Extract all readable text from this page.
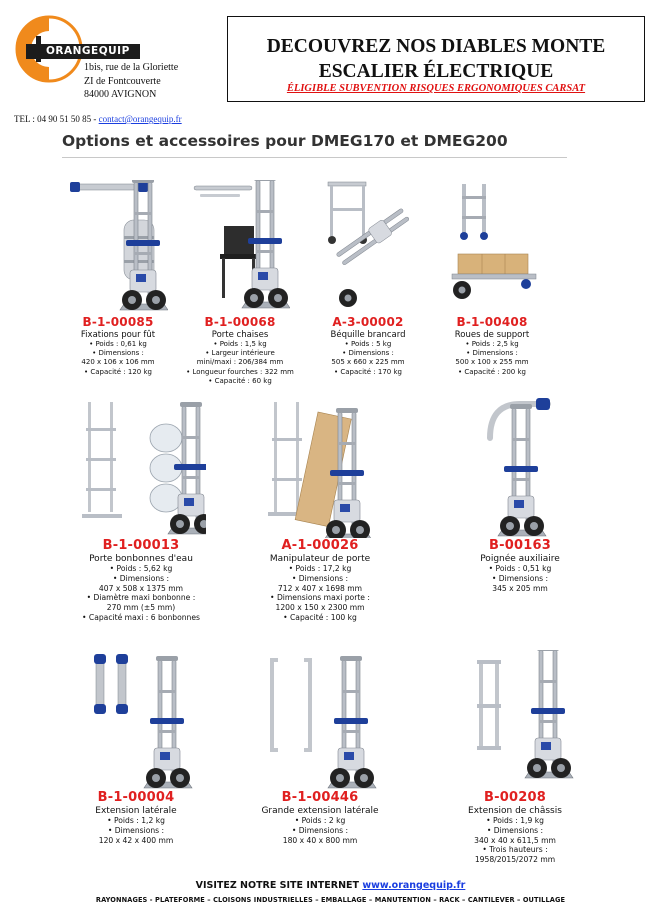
ORANGEQUIP
1bis, rue de la Gloriette
ZI de Fontcouverte
84000 AVIGNON
TEL : 04 90 51 50 85 - contact@orangequip.fr
DECOUVREZ NOS DIABLES MONTE
ESCALIER ÉLECTRIQUE
ÉLIGIBLE SUBVENTION RISQUES ERGONOMIQUES CARSAT
Options et accessoires pour DMEG170 et DMEG200
B-1-00085
Fixations pour fût
• Poids : 0,61 kg
• Dimensions :
420 x 106 x 106 mm
• Capacité : 120 kg
B-1-00068
Porte chaises
• Poids : 1,5 kg
• Largeur intérieure
mini/maxi : 206/384 mm
• Longueur fourches : 322 mm
• Capacité : 60 kg
A-3-00002
Béquille brancard
• Poids : 5 kg
• Dimensions :
505 x 660 x 225 mm
• Capacité : 170 kg
B-1-00408
Roues de support
• Poids : 2,5 kg
• Dimensions :
500 x 100 x 255 mm
• Capacité : 200 kg
B-1-00013
Porte bonbonnes d'eau
• Poids : 5,62 kg
• Dimensions :
407 x 508 x 1375 mm
• Diamètre maxi bonbonne :
270 mm (±5 mm)
• Capacité maxi : 6 bonbonnes
A-1-00026
Manipulateur de porte
• Poids : 17,2 kg
• Dimensions :
712 x 407 x 1698 mm
• Dimensions maxi porte :
1200 x 150 x 2300 mm
• Capacité : 100 kg
B-00163
Poignée auxiliaire
• Poids : 0,51 kg
• Dimensions :
345 x 205 mm
B-1-00004
Extension latérale
• Poids : 1,2 kg
• Dimensions :
120 x 42 x 400 mm
B-1-00446
Grande extension latérale
• Poids : 2 kg
• Dimensions :
180 x 40 x 800 mm
B-00208
Extension de châssis
• Poids : 1,9 kg
• Dimensions :
340 x 40 x 611,5 mm
• Trois hauteurs :
1958/2015/2072 mm
VISITEZ NOTRE SITE INTERNET www.orangequip.fr
RAYONNAGES - PLATEFORME – CLOISONS INDUSTRIELLES – EMBALLAGE – MANUTENTION – RACK – CANTILEVER – OUTILLAGE
